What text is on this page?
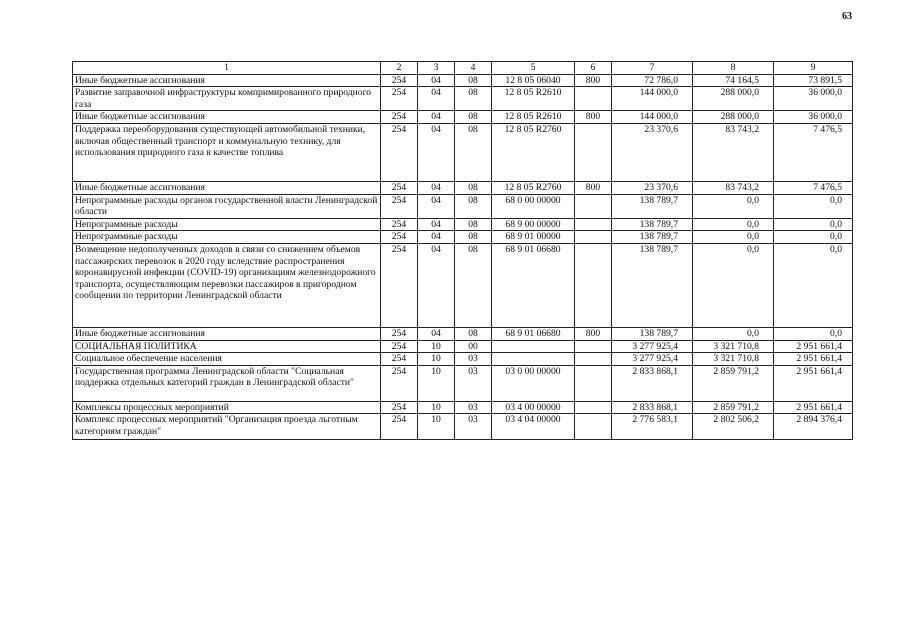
63
1	2	3	4	5	6	7	8	9
Иные бюджетные ассигнования	254	04	08	12 8 05 06040	800	72 786,0	74 164,5	73 891,5
Развитие заправочной инфраструктуры компримированного природного газа	254	04	08	12 8 05 R2610		144 000,0	288 000,0	36 000,0
Иные бюджетные ассигнования	254	04	08	12 8 05 R2610	800	144 000,0	288 000,0	36 000,0
Поддержка переоборудования существующей автомобильной техники, включая общественный транспорт и коммунальную технику, для использования природного газа в качестве топлива	254	04	08	12 8 05 R2760		23 370,6	83 743,2	7 476,5
Иные бюджетные ассигнования	254	04	08	12 8 05 R2760	800	23 370,6	83 743,2	7 476,5
Непрограммные расходы органов государственной власти Ленинградской области	254	04	08	68 0 00 00000		138 789,7	0,0	0,0
Непрограммные расходы	254	04	08	68 9 00 00000		138 789,7	0,0	0,0
Непрограммные расходы	254	04	08	68 9 01 00000		138 789,7	0,0	0,0
Возмещение недополученных доходов в связи со снижением объемов пассажирских перевозок в 2020 году вследствие распространения коронавирусной инфекции (COVID-19) организациям железнодорожного транспорта, осуществляющим перевозки пассажиров в пригородном сообщении по территории Ленинградской области	254	04	08	68 9 01 06680		138 789,7	0,0	0,0
Иные бюджетные ассигнования	254	04	08	68 9 01 06680	800	138 789,7	0,0	0,0
СОЦИАЛЬНАЯ ПОЛИТИКА	254	10	00			3 277 925,4	3 321 710,8	2 951 661,4
Социальное обеспечение населения	254	10	03			3 277 925,4	3 321 710,8	2 951 661,4
Государственная программа Ленинградской области "Социальная поддержка отдельных категорий граждан в Ленинградской области"	254	10	03	03 0 00 00000		2 833 868,1	2 859 791,2	2 951 661,4
Комплексы процессных мероприятий	254	10	03	03 4 00 00000		2 833 868,1	2 859 791,2	2 951 661,4
Комплекс процессных мероприятий "Организация проезда льготным категориям граждан"	254	10	03	03 4 04 00000		2 776 583,1	2 802 506,2	2 894 376,4
